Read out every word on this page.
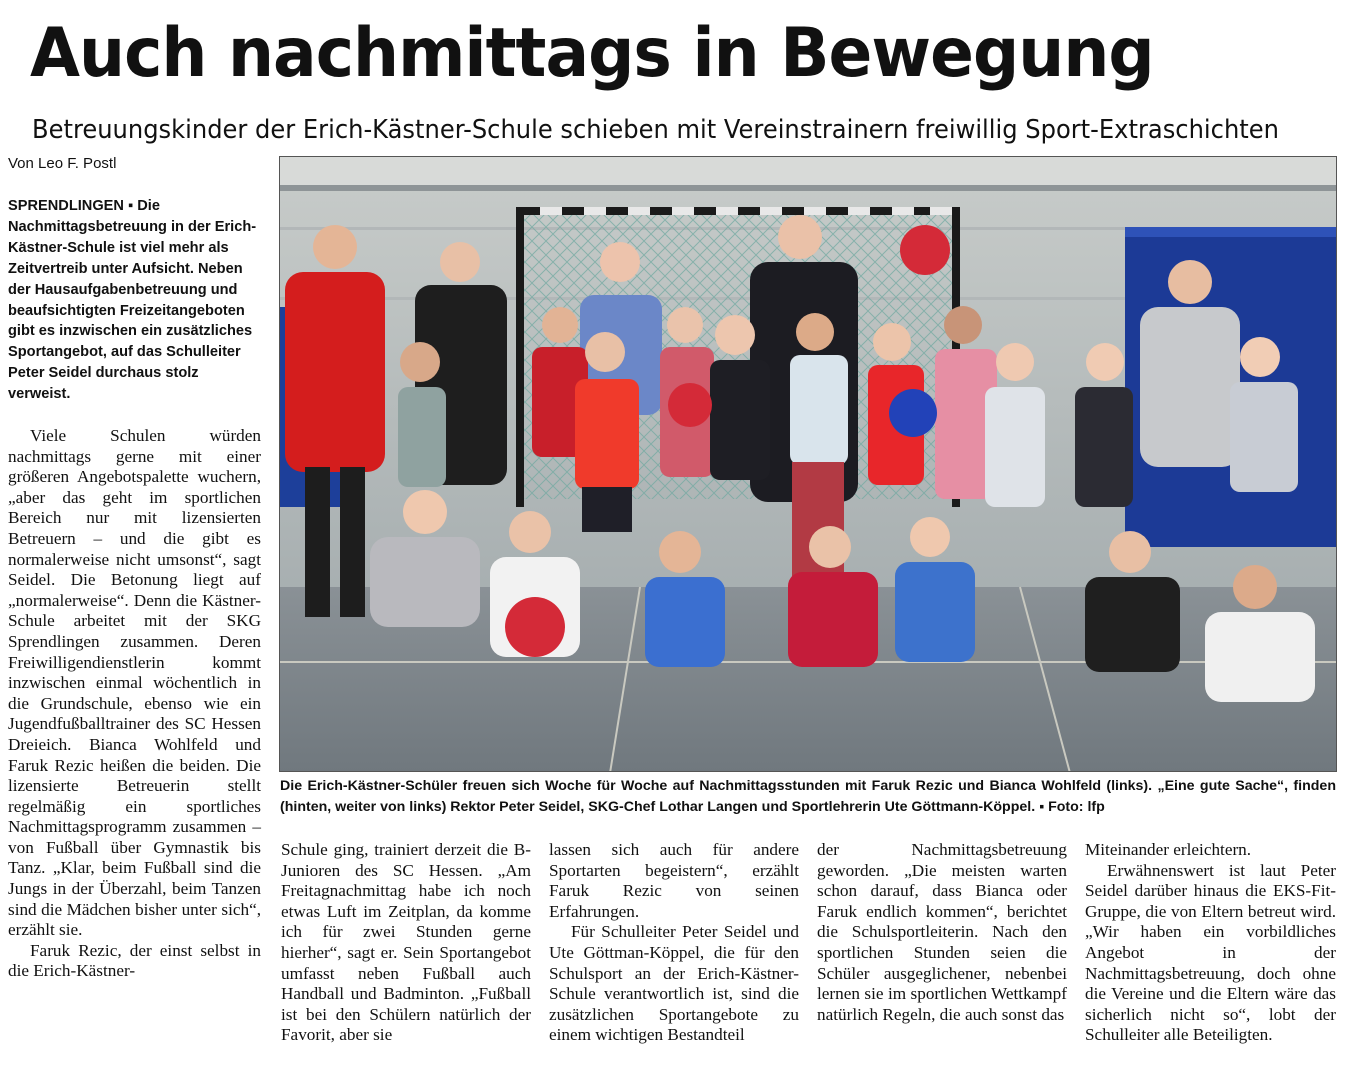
Auch nachmittags in Bewegung
Betreuungskinder der Erich-Kästner-Schule schieben mit Vereinstrainern freiwillig Sport-Extraschichten
Von Leo F. Postl
SPRENDLINGEN ▪ Die Nachmittagsbetreuung in der Erich-Kästner-Schule ist viel mehr als Zeitvertreib unter Aufsicht. Neben der Hausaufgabenbetreuung und beaufsichtigten Freizeitangeboten gibt es inzwischen ein zusätzliches Sportangebot, auf das Schulleiter Peter Seidel durchaus stolz verweist.

Viele Schulen würden nachmittags gerne mit einer größeren Angebotspalette wuchern, „aber das geht im sportlichen Bereich nur mit lizensierten Betreuern – und die gibt es normalerweise nicht umsonst“, sagt Seidel. Die Betonung liegt auf „normalerweise“. Denn die Kästner-Schule arbeitet mit der SKG Sprendlingen zusammen. Deren Freiwilligendienstlerin kommt inzwischen einmal wöchentlich in die Grundschule, ebenso wie ein Jugendfußballtrainer des SC Hessen Dreieich. Bianca Wohlfeld und Faruk Rezic heißen die beiden. Die lizensierte Betreuerin stellt regelmäßig ein sportliches Nachmittagsprogramm zusammen – von Fußball über Gymnastik bis Tanz. „Klar, beim Fußball sind die Jungs in der Überzahl, beim Tanzen sind die Mädchen bisher unter sich“, erzählt sie.

Faruk Rezic, der einst selbst in die Erich-Kästner-

Die Erich-Kästner-Schüler freuen sich Woche für Woche auf Nachmittagsstunden mit Faruk Rezic und Bianca Wohlfeld (links). „Eine gute Sache“, finden (hinten, weiter von links) Rektor Peter Seidel, SKG-Chef Lothar Langen und Sportlehrerin Ute Göttmann-Köppel. ▪ Foto: lfp

Schule ging, trainiert derzeit die B-Junioren des SC Hessen. „Am Freitagnachmittag habe ich noch etwas Luft im Zeitplan, da komme ich für zwei Stunden gerne hierher“, sagt er. Sein Sportangebot umfasst neben Fußball auch Handball und Badminton. „Fußball ist bei den Schülern natürlich der Favorit, aber sie

lassen sich auch für andere Sportarten begeistern“, erzählt Faruk Rezic von seinen Erfahrungen.

Für Schulleiter Peter Seidel und Ute Göttman-Köppel, die für den Schulsport an der Erich-Kästner-Schule verantwortlich ist, sind die zusätzlichen Sportangebote zu einem wichtigen Bestandteil

der Nachmittagsbetreuung geworden. „Die meisten warten schon darauf, dass Bianca oder Faruk endlich kommen“, berichtet die Schulsportleiterin. Nach den sportlichen Stunden seien die Schüler ausgeglichener, nebenbei lernen sie im sportlichen Wettkampf natürlich Regeln, die auch sonst das

Miteinander erleichtern.

Erwähnenswert ist laut Peter Seidel darüber hinaus die EKS-Fit-Gruppe, die von Eltern betreut wird. „Wir haben ein vorbildliches Angebot in der Nachmittagsbetreuung, doch ohne die Vereine und die Eltern wäre das sicherlich nicht so“, lobt der Schulleiter alle Beteiligten.
